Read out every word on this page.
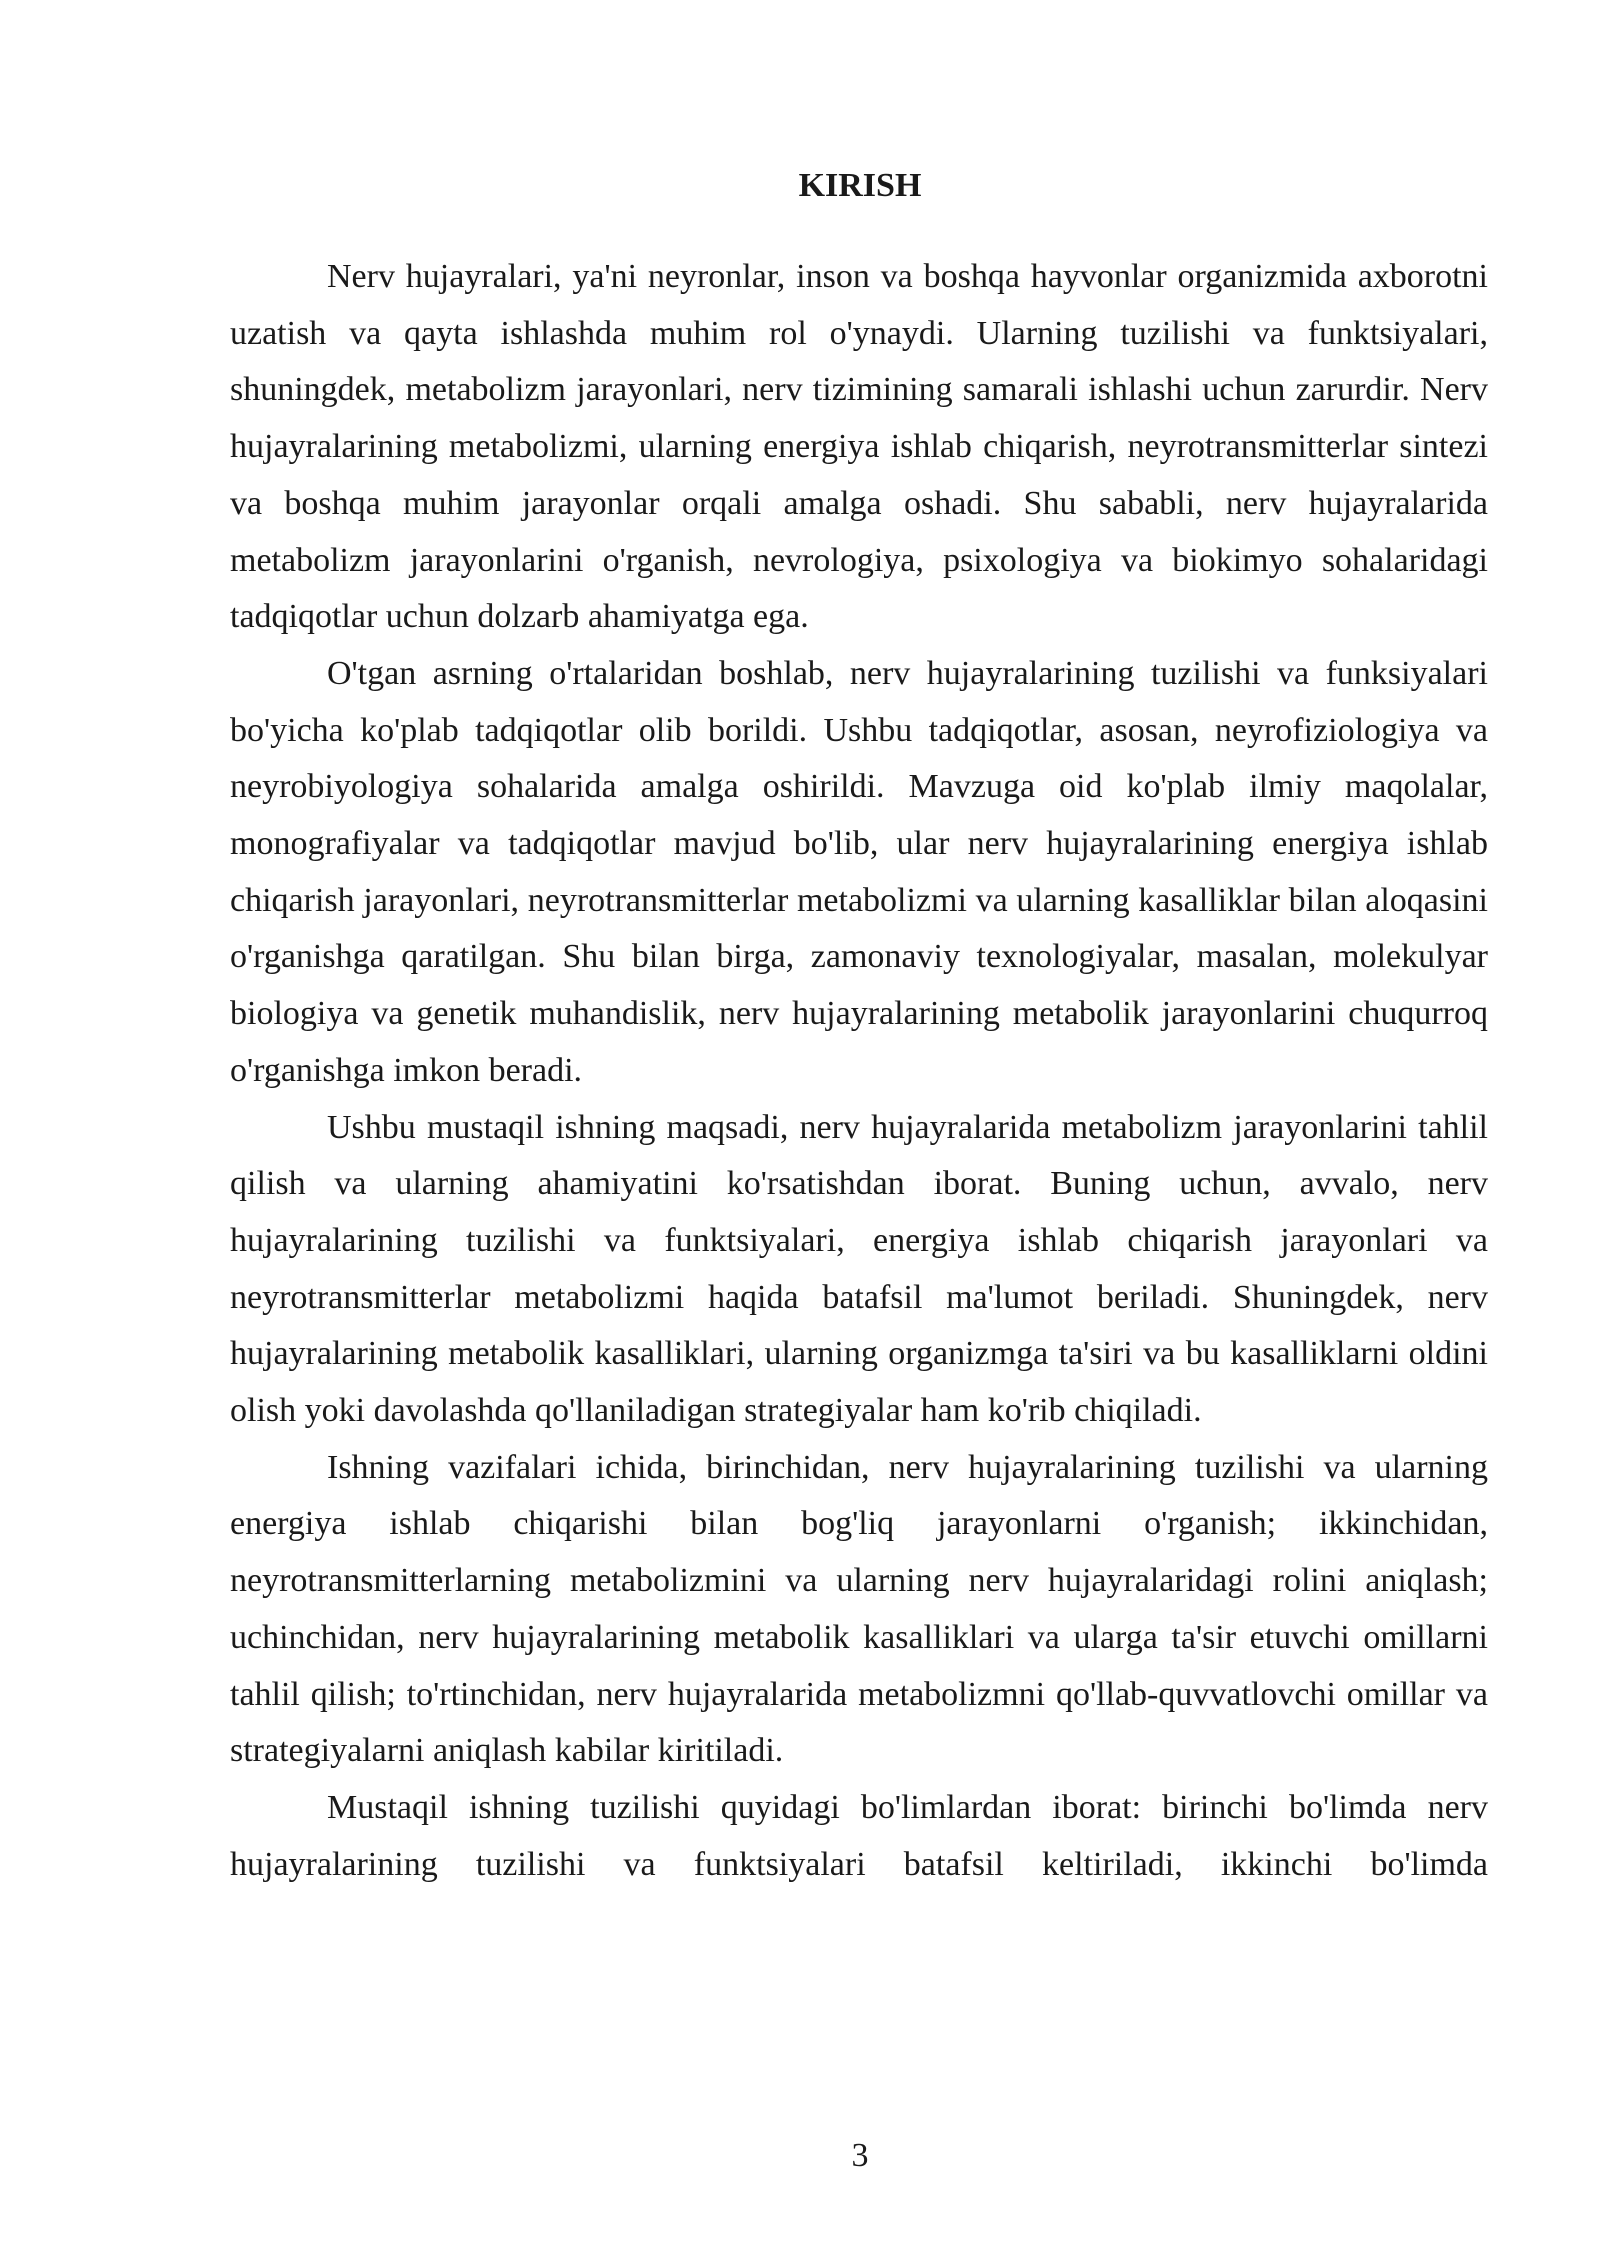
KIRISH

Nerv hujayralari, ya'ni neyronlar, inson va boshqa hayvonlar organizmida axborotni uzatish va qayta ishlashda muhim rol o'ynaydi. Ularning tuzilishi va funktsiyalari, shuningdek, metabolizm jarayonlari, nerv tizimining samarali ishlashi uchun zarurdir. Nerv hujayralarining metabolizmi, ularning energiya ishlab chiqarish, neyrotransmitterlar sintezi va boshqa muhim jarayonlar orqali amalga oshadi. Shu sababli, nerv hujayralarida metabolizm jarayonlarini o'rganish, nevrologiya, psixologiya va biokimyo sohalaridagi tadqiqotlar uchun dolzarb ahamiyatga ega.

O'tgan asrning o'rtalaridan boshlab, nerv hujayralarining tuzilishi va funksiyalari bo'yicha ko'plab tadqiqotlar olib borildi. Ushbu tadqiqotlar, asosan, neyrofiziologiya va neyrobiyologiya sohalarida amalga oshirildi. Mavzuga oid ko'plab ilmiy maqolalar, monografiyalar va tadqiqotlar mavjud bo'lib, ular nerv hujayralarining energiya ishlab chiqarish jarayonlari, neyrotransmitterlar metabolizmi va ularning kasalliklar bilan aloqasini o'rganishga qaratilgan. Shu bilan birga, zamonaviy texnologiyalar, masalan, molekulyar biologiya va genetik muhandislik, nerv hujayralarining metabolik jarayonlarini chuqurroq o'rganishga imkon beradi.

Ushbu mustaqil ishning maqsadi, nerv hujayralarida metabolizm jarayonlarini tahlil qilish va ularning ahamiyatini ko'rsatishdan iborat. Buning uchun, avvalo, nerv hujayralarining tuzilishi va funktsiyalari, energiya ishlab chiqarish jarayonlari va neyrotransmitterlar metabolizmi haqida batafsil ma'lumot beriladi. Shuningdek, nerv hujayralarining metabolik kasalliklari, ularning organizmga ta'siri va bu kasalliklarni oldini olish yoki davolashda qo'llaniladigan strategiyalar ham ko'rib chiqiladi.

Ishning vazifalari ichida, birinchidan, nerv hujayralarining tuzilishi va ularning energiya ishlab chiqarishi bilan bog'liq jarayonlarni o'rganish; ikkinchidan, neyrotransmitterlarning metabolizmini va ularning nerv hujayralaridagi rolini aniqlash; uchinchidan, nerv hujayralarining metabolik kasalliklari va ularga ta'sir etuvchi omillarni tahlil qilish; to'rtinchidan, nerv hujayralarida metabolizmni qo'llab-quvvatlovchi omillar va strategiyalarni aniqlash kabilar kiritiladi.

Mustaqil ishning tuzilishi quyidagi bo'limlardan iborat: birinchi bo'limda nerv hujayralarining tuzilishi va funktsiyalari batafsil keltiriladi, ikkinchi bo'limda

3
